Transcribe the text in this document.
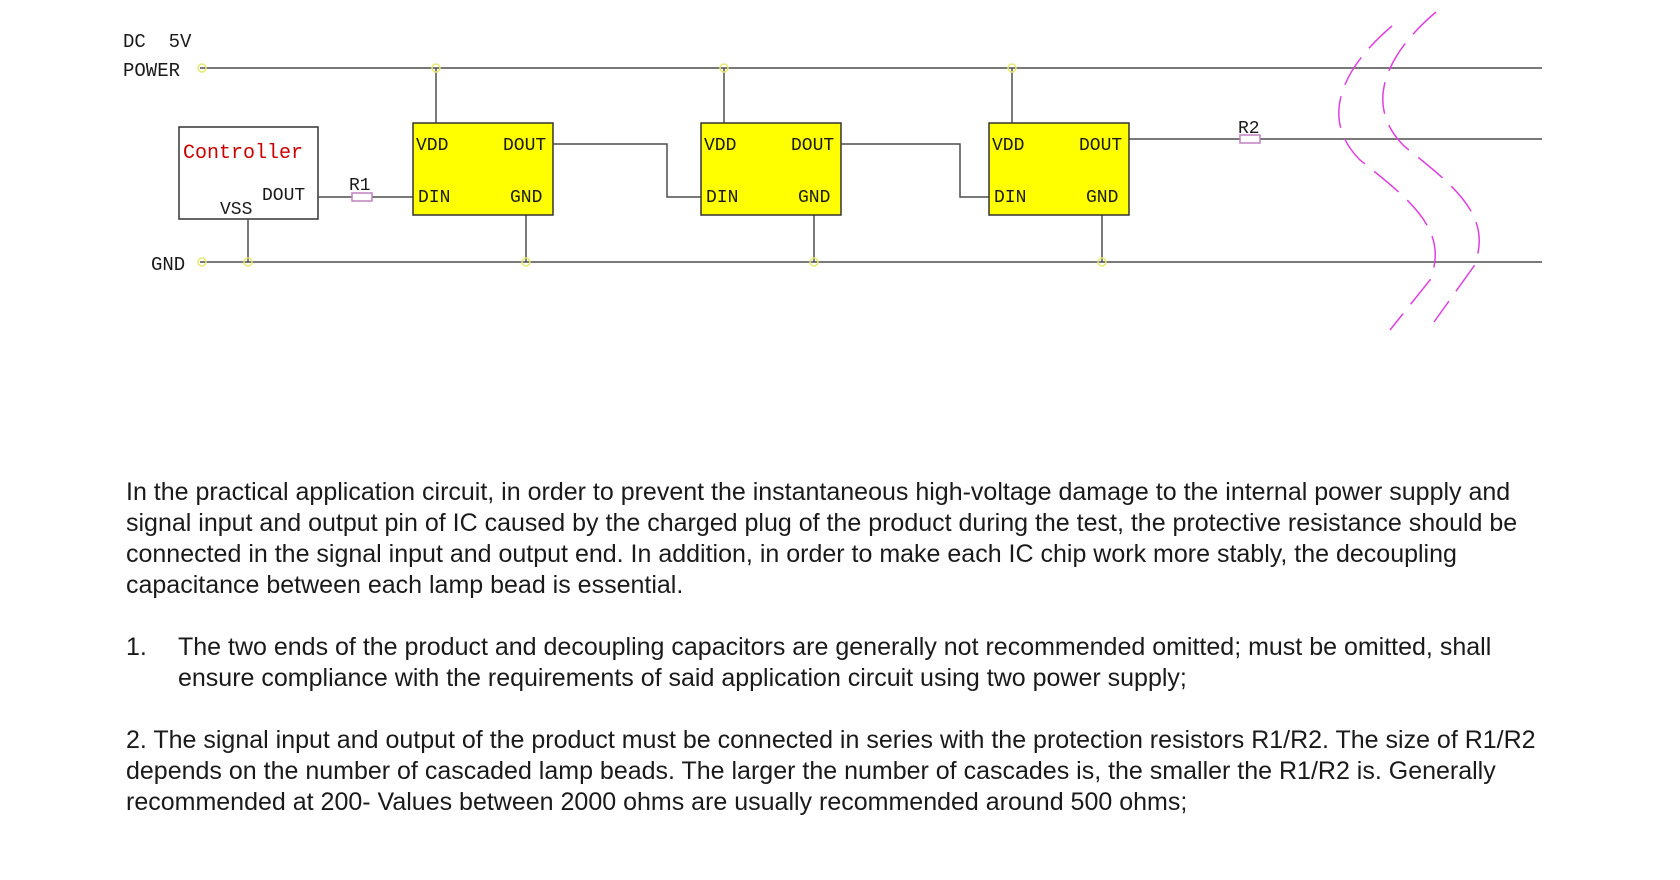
DC  5V
POWER
GND
Controller
DOUT
VSS
R1
R2
VDD	DOUT
DIN	GND
VDD	DOUT
DIN	GND
VDD	DOUT
DIN	GND

In the practical application circuit, in order to prevent the instantaneous high-voltage damage to the internal power supply and signal input and output pin of IC caused by the charged plug of the product during the test, the protective resistance should be connected in the signal input and output end. In addition, in order to make each IC chip work more stably, the decoupling capacitance between each lamp bead is essential.

1.	The two ends of the product and decoupling capacitors are generally not recommended omitted; must be omitted, shall ensure compliance with the requirements of said application circuit using two power supply;

2. The signal input and output of the product must be connected in series with the protection resistors R1/R2. The size of R1/R2 depends on the number of cascaded lamp beads. The larger the number of cascades is, the smaller the R1/R2 is. Generally recommended at 200- Values between 2000 ohms are usually recommended around 500 ohms;
